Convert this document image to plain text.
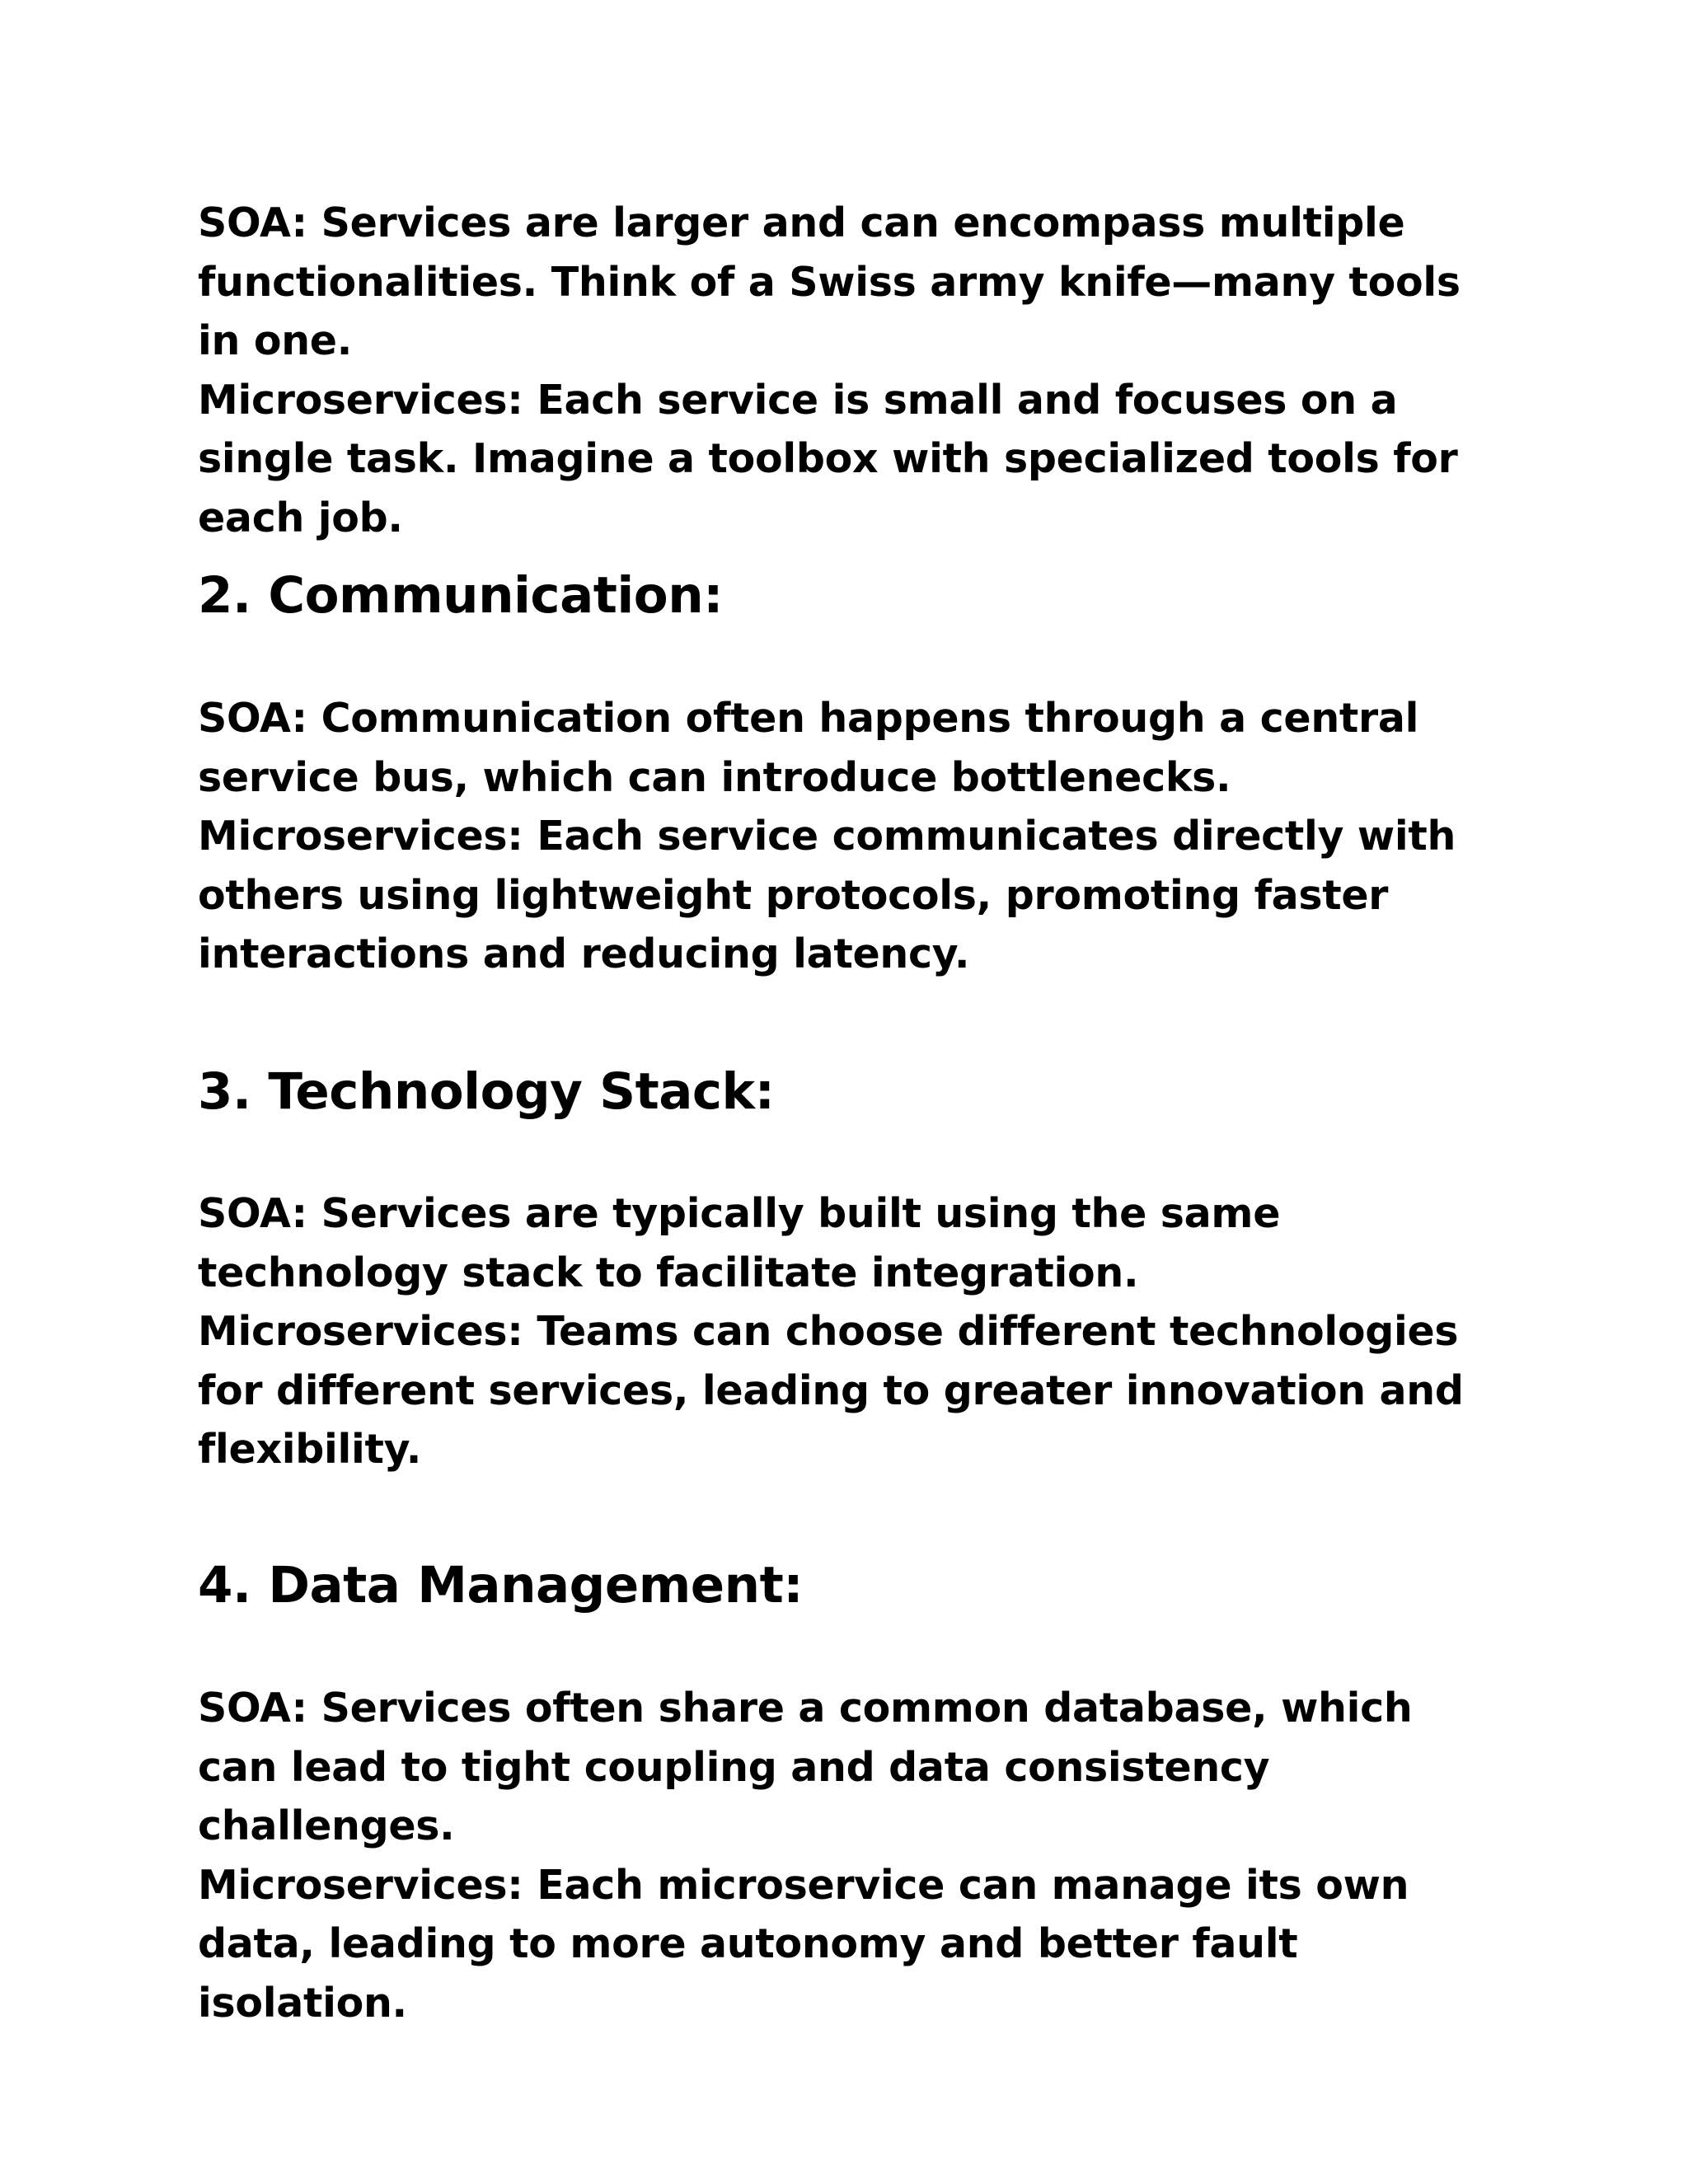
SOA: Services are larger and can encompass multiple functionalities. Think of a Swiss army knife—many tools in one.

Microservices: Each service is small and focuses on a single task. Imagine a toolbox with specialized tools for each job.

2. Communication:

SOA: Communication often happens through a central service bus, which can introduce bottlenecks.

Microservices: Each service communicates directly with others using lightweight protocols, promoting faster interactions and reducing latency.

3. Technology Stack:

SOA: Services are typically built using the same technology stack to facilitate integration.

Microservices: Teams can choose different technologies for different services, leading to greater innovation and flexibility.

4. Data Management:

SOA: Services often share a common database, which can lead to tight coupling and data consistency challenges.

Microservices: Each microservice can manage its own data, leading to more autonomy and better fault isolation.
